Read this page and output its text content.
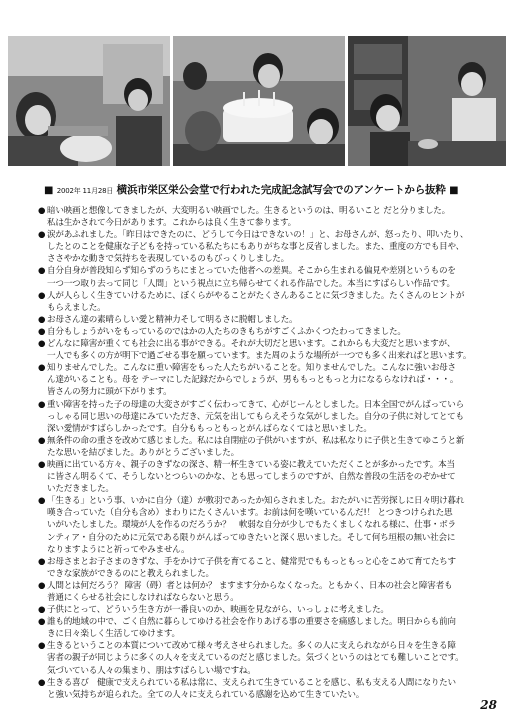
■ 2002年 11月28日 横浜市栄区栄公会堂で行われた完成記念試写会でのアンケートから抜粋 ■
● 暗い映画と想像してきましたが、大変明るい映画でした。生きるというのは、明るいこと だと分りました。
私は生かされて今日があります。これからは良く生きて参ります。
● 涙があふれました。「昨日はできたのに、どうして今日はできないの！」と、お母さんが、怒ったり、叩いたり、
したとのことを健康な子どもを持っている私たちにもありがちな事と反省しました。また、重度の方でも目や、
ささやかな動きで気持ちを表現しているのもびっくりしました。
● 自分自身が普段知らず知らずのうちにまとっていた他者への差異。そこから生まれる偏見や差別というものを
一つ一つ取り去って同じ「人間」という視点に立ち帰らせてくれる作品でした。本当にすばらしい作品です。
● 人が人らしく生きていけるために、ぼくらがやることがたくさんあることに気づきました。たくさんのヒントが
もらえました。
● お母さん達の素晴らしい愛と精神力そして明るさに脱帽しました。
● 自分もしょうがいをもっているのではかの人たちのきもちがすごくふかくつたわってきました。
● どんなに障害が重くても社会に出る事ができる。それが大切だと思います。これからも大変だと思いますが、
一人でも多くの方が明下で過ごせる事を願っています。また周のような場所が一つでも多く出来ればと思います。
● 知りませんでした。こんなに重い障害をもった人たちがいることを。知りませんでした。こんなに強いお母さ
ん達がいることも。母を テーマにした記録だからでしょうが、男ももっともっと力になるらなければ・・・。
皆さんの努力に頭が下がります。
● 重い障害を持った子の母達の大変さがすごく伝わってきて、心がじーんとしました。日本全国でがんばっていら
っしゃる同じ思いの母達にみていただき、元気を出してもらえそうな気がしました。自分の子供に対してとても
深い愛情がすばらしかったです。自分ももっともっとがんばらなくてはと思いました。
● 無条件の命の重さを改めて感じました。私には自閉症の子供がいますが、私は私なりに子供と生きてゆこうと新
たな思いを結びました。ありがとうございました。
● 映画に出ている方々、親子のきずなの深さ、精一杯生きている姿に教えていただくことが多かったです。本当
に皆さん明るくて、そうしないとつらいのかな、とも思ってしまうのですが、自然な普段の生活をのぞかせて
いただきました。
● 「生きる」という事、いかに自分（達）が敷羽であったか知らされました。おたがいに苦労探しに日々明け暮れ
嘆き合っていた（自分も含め）まわりにたくさんいます。お前は何を嘆いているんだ!！ とつきつけられた思
いがいたしました。環境が人を作るのだろうか？　軟弱な自分が少しでもたくましくなれる様に、仕事・ボラ
ンティア・自分のために元気である限りがんばってゆきたいと深く思いました。そして何ち垣根の無い社会に
なりますようにと祈ってやみません。
● お母さまとお子さまのきずな、手をかけて子供を育てること、健常児でももっともっと心をこめて育てたちす
できな家族ができるのにと教えられました。
● 人間とは何だろう？ 障害（碍）者とは何か？ ますます分からなくなった。ともかく、日本の社会と障害者も
普通にくらせる社会にしなければならないと思う。
● 子供にとって、どういう生き方が一番良いのか、映画を見ながら、いっしょに考えました。
● 誰も的地域の中で、ごく自然に暮らしてゆける社会を作りあげる事の重要さを痛感しました。明日からも前向
きに日々楽しく生活してゆけます。
● 生きるということの本質について改めて様々考えさせられました。多くの人に支えられながら日々を生きる障
害者の親子が同じように多くの人々を支えているのだと感じました。気づくというのはとても難しいことです。
気づいている人々の集まり、朋はすばらしい場ですね。
● 生きる喜び　健康で支えられている私は常に、支えられて生きていることを感じ、私も支える人間になりたい
と強い気持ちが追られた。全ての人々に支えられている感謝を込めて生きていたい。
28
